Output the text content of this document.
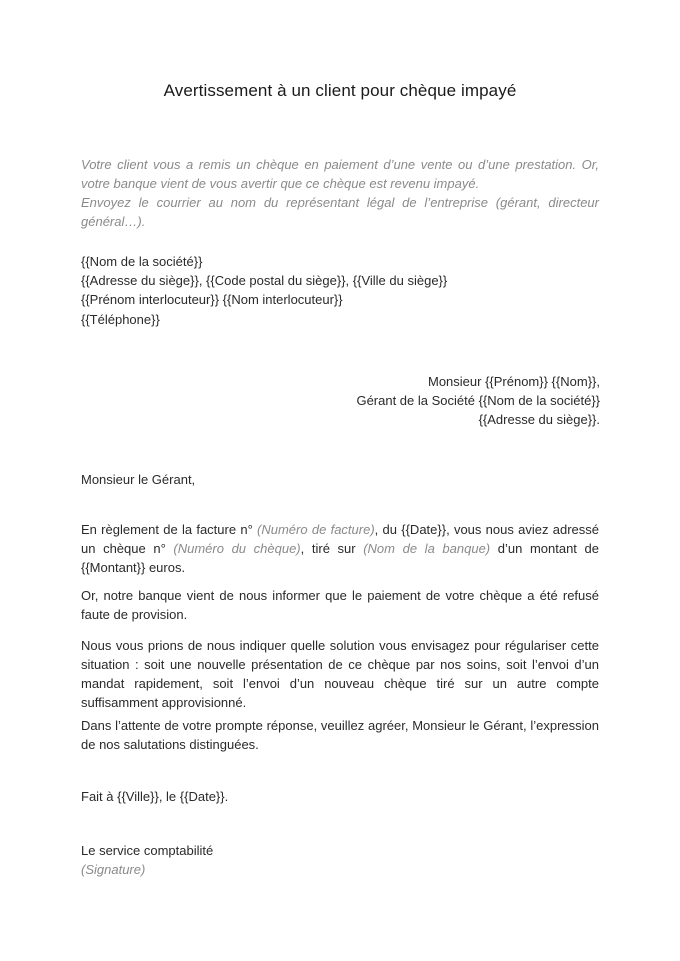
Avertissement à un client pour chèque impayé

Votre client vous a remis un chèque en paiement d’une vente ou d’une prestation. Or, votre banque vient de vous avertir que ce chèque est revenu impayé.

Envoyez le courrier au nom du représentant légal de l’entreprise (gérant, directeur général…).

{{Nom de la société}}
{{Adresse du siège}}, {{Code postal du siège}}, {{Ville du siège}}
{{Prénom interlocuteur}} {{Nom interlocuteur}}
{{Téléphone}}
Monsieur {{Prénom}} {{Nom}},
Gérant de la Société {{Nom de la société}}
{{Adresse du siège}}.
Monsieur le Gérant,
En règlement de la facture n° (Numéro de facture), du {{Date}}, vous nous aviez adressé un chèque n° (Numéro du chèque), tiré sur (Nom de la banque) d’un montant de {{Montant}} euros.
Or, notre banque vient de nous informer que le paiement de votre chèque a été refusé faute de provision.
Nous vous prions de nous indiquer quelle solution vous envisagez pour régulariser cette situation : soit une nouvelle présentation de ce chèque par nos soins, soit l’envoi d’un mandat rapidement, soit l’envoi d’un nouveau chèque tiré sur un autre compte suffisamment approvisionné.
Dans l’attente de votre prompte réponse, veuillez agréer, Monsieur le Gérant, l’expression de nos salutations distinguées.
Fait à {{Ville}}, le {{Date}}.
Le service comptabilité
(Signature)
